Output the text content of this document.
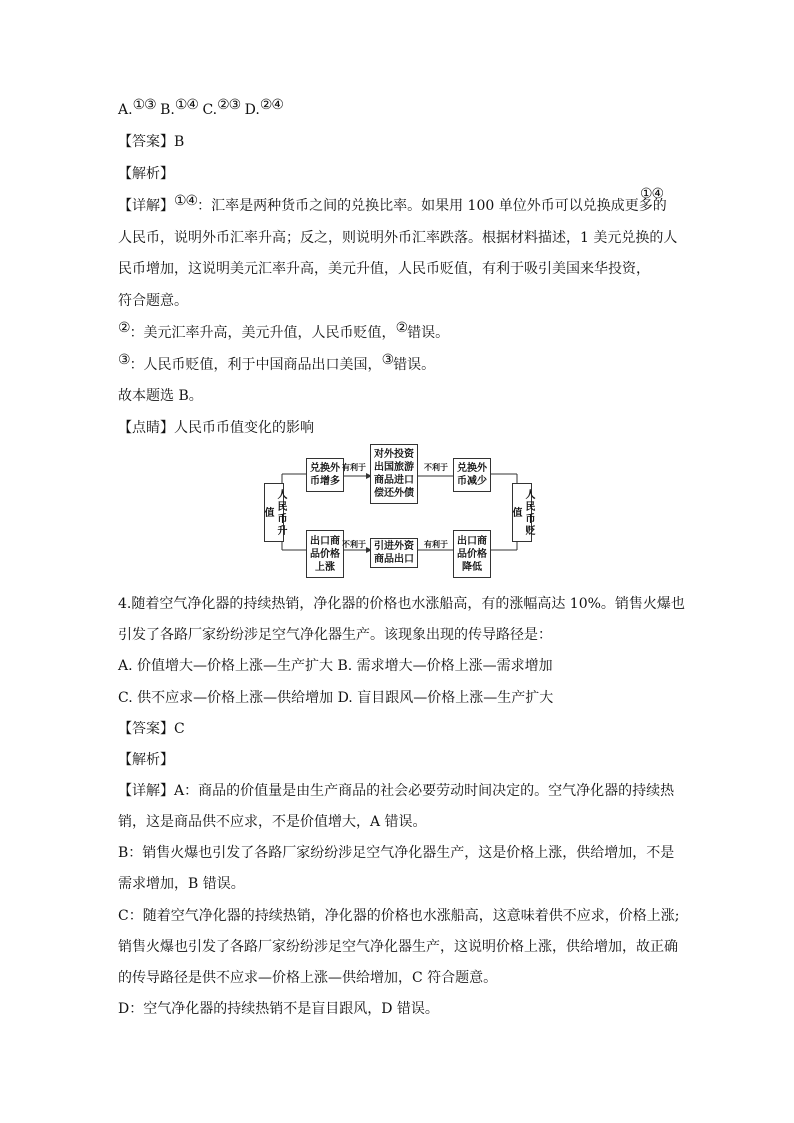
A.①③ B.①④ C.②③ D.②④
【答案】B
【解析】
【详解】①④：汇率是两种货币之间的兑换比率。如果用 100 单位外币可以兑换成更多的
①④
人民币，说明外币汇率升高；反之，则说明外币汇率跌落。根据材料描述，1 美元兑换的人
民币增加，这说明美元汇率升高，美元升值，人民币贬值，有利于吸引美国来华投资，
符合题意。
②：美元汇率升高，美元升值，人民币贬值，②错误。
③：人民币贬值，利于中国商品出口美国，③错误。
故本题选 B。
【点睛】人民币币值变化的影响
人民币升值	人民币贬值
兑换外币增多
兑换外币减少
对外投资出国旅游商品进口偿还外债
出口商品价格上涨
出口商品价格降低
引进外资商品出口
有利于	不利于
不利于	有利于
4.随着空气净化器的持续热销，净化器的价格也水涨船高，有的涨幅高达 10%。销售火爆也
引发了各路厂家纷纷涉足空气净化器生产。该现象出现的传导路径是：
A. 价值增大—价格上涨—生产扩大 B. 需求增大—价格上涨—需求增加
C. 供不应求—价格上涨—供给增加 D. 盲目跟风—价格上涨—生产扩大
【答案】C
【解析】
【详解】A：商品的价值量是由生产商品的社会必要劳动时间决定的。空气净化器的持续热
销，这是商品供不应求，不是价值增大，A 错误。
B：销售火爆也引发了各路厂家纷纷涉足空气净化器生产，这是价格上涨，供给增加，不是
需求增加，B 错误。
C：随着空气净化器的持续热销，净化器的价格也水涨船高，这意味着供不应求，价格上涨;
销售火爆也引发了各路厂家纷纷涉足空气净化器生产，这说明价格上涨，供给增加，故正确
的传导路径是供不应求—价格上涨—供给增加，C 符合题意。
D：空气净化器的持续热销不是盲目跟风，D 错误。
